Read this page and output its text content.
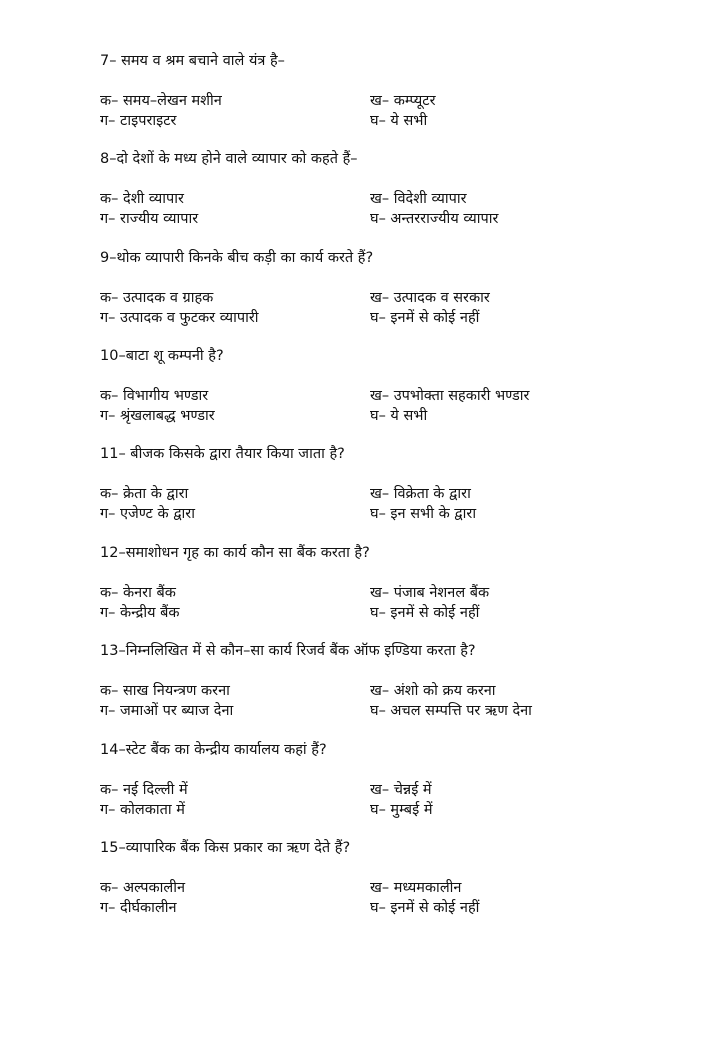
7– समय व श्रम बचाने वाले यंत्र है–

क– समय–लेखन मशीन	ख– कम्प्यूटर
ग– टाइपराइटर	घ– ये सभी

8–दो देशों के मध्य होने वाले व्यापार को कहते हैं–

क– देशी व्यापार	ख– विदेशी व्यापार
ग– राज्यीय व्यापार	घ– अन्तरराज्यीय व्यापार

9–थोक व्यापारी किनके बीच कड़ी का कार्य करते हैं?

क– उत्पादक व ग्राहक	ख– उत्पादक व सरकार
ग– उत्पादक व फुटकर व्यापारी	घ– इनमें से कोई नहीं

10–बाटा शू कम्पनी है?

क– विभागीय भण्डार	ख– उपभोक्ता सहकारी भण्डार
ग– श्रृंखलाबद्ध भण्डार	घ– ये सभी

11– बीजक किसके द्वारा तैयार किया जाता है?

क– क्रेता के द्वारा	ख– विक्रेता के द्वारा
ग– एजेण्ट के द्वारा	घ– इन सभी के द्वारा

12–समाशोधन गृह का कार्य कौन सा बैंक करता है?

क– केनरा बैंक	ख– पंजाब नेशनल बैंक
ग– केन्द्रीय बैंक	घ– इनमें से कोई नहीं

13–निम्नलिखित में से कौन–सा कार्य रिजर्व बैंक ऑफ इण्डिया करता है?

क– साख नियन्त्रण करना	ख– अंशो को क्रय करना
ग– जमाओं पर ब्याज देना	घ– अचल सम्पत्ति पर ऋण देना

14–स्टेट बैंक का केन्द्रीय कार्यालय कहां हैं?

क– नई दिल्ली में	ख– चेन्नई में
ग– कोलकाता में	घ– मुम्बई में

15–व्यापारिक बैंक किस प्रकार का ऋण देते हैं?

क– अल्पकालीन	ख– मध्यमकालीन
ग– दीर्घकालीन	घ– इनमें से कोई नहीं
